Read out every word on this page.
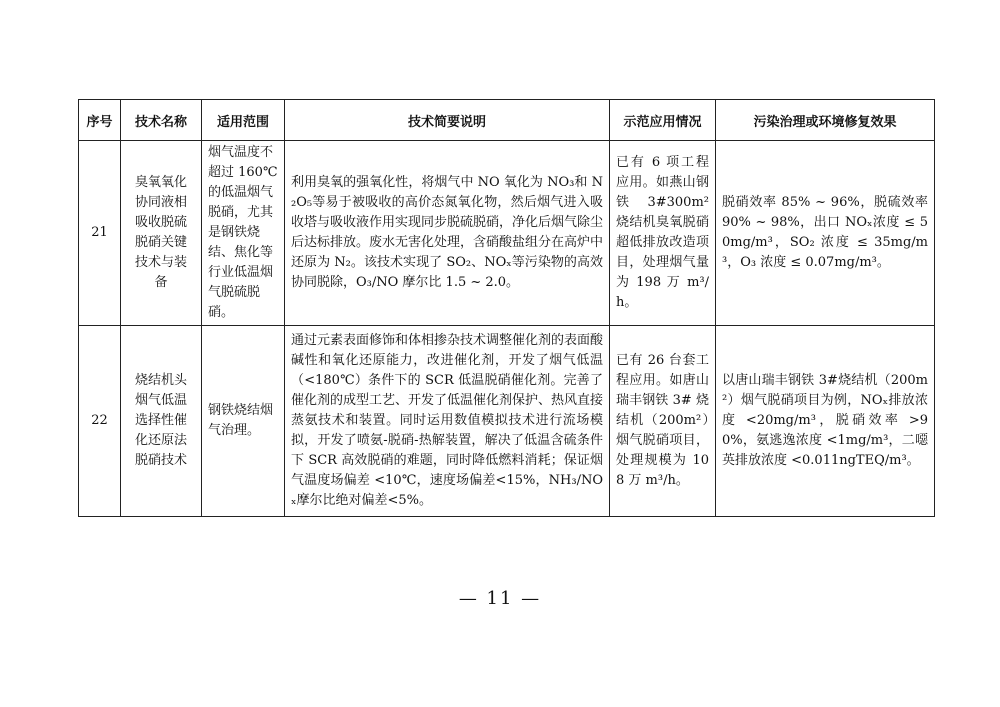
序号	技术名称	适用范围	技术简要说明	示范应用情况	污染治理或环境修复效果

21	臭氧氧化协同液相吸收脱硫脱硝关键技术与装备	烟气温度不超过 160℃的低温烟气脱硝，尤其是钢铁烧结、焦化等行业低温烟气脱硫脱硝。	利用臭氧的强氧化性，将烟气中 NO 氧化为 NO₃和 N₂O₅等易于被吸收的高价态氮氧化物，然后烟气进入吸收塔与吸收液作用实现同步脱硫脱硝，净化后烟气除尘后达标排放。废水无害化处理，含硝酸盐组分在高炉中还原为 N₂。该技术实现了 SO₂、NOₓ等污染物的高效协同脱除，O₃/NO 摩尔比 1.5 ~ 2.0。	已有 6 项工程应用。如燕山钢铁 3#300m² 烧结机臭氧脱硝超低排放改造项目，处理烟气量为 198 万 m³/h。	脱硝效率 85% ~ 96%，脱硫效率 90% ~ 98%，出口 NOₓ浓度 ≤ 50mg/m³，SO₂ 浓度 ≤ 35mg/m³，O₃ 浓度 ≤ 0.07mg/m³。

22	烧结机头烟气低温选择性催化还原法脱硝技术	钢铁烧结烟气治理。	通过元素表面修饰和体相掺杂技术调整催化剂的表面酸碱性和氧化还原能力，改进催化剂，开发了烟气低温（<180℃）条件下的 SCR 低温脱硝催化剂。完善了催化剂的成型工艺、开发了低温催化剂保护、热风直接蒸氨技术和装置。同时运用数值模拟技术进行流场模拟，开发了喷氨-脱硝-热解装置，解决了低温含硫条件下 SCR 高效脱硝的难题，同时降低燃料消耗；保证烟气温度场偏差 <10℃，速度场偏差<15%，NH₃/NOₓ摩尔比绝对偏差<5%。	已有 26 台套工程应用。如唐山瑞丰钢铁 3# 烧结机（200m²）烟气脱硝项目，处理规模为 108 万 m³/h。	以唐山瑞丰钢铁 3#烧结机（200m²）烟气脱硝项目为例，NOₓ排放浓度 <20mg/m³，脱硝效率 >90%，氨逃逸浓度 <1mg/m³，二噁英排放浓度 <0.011ngTEQ/m³。
— 11 —
